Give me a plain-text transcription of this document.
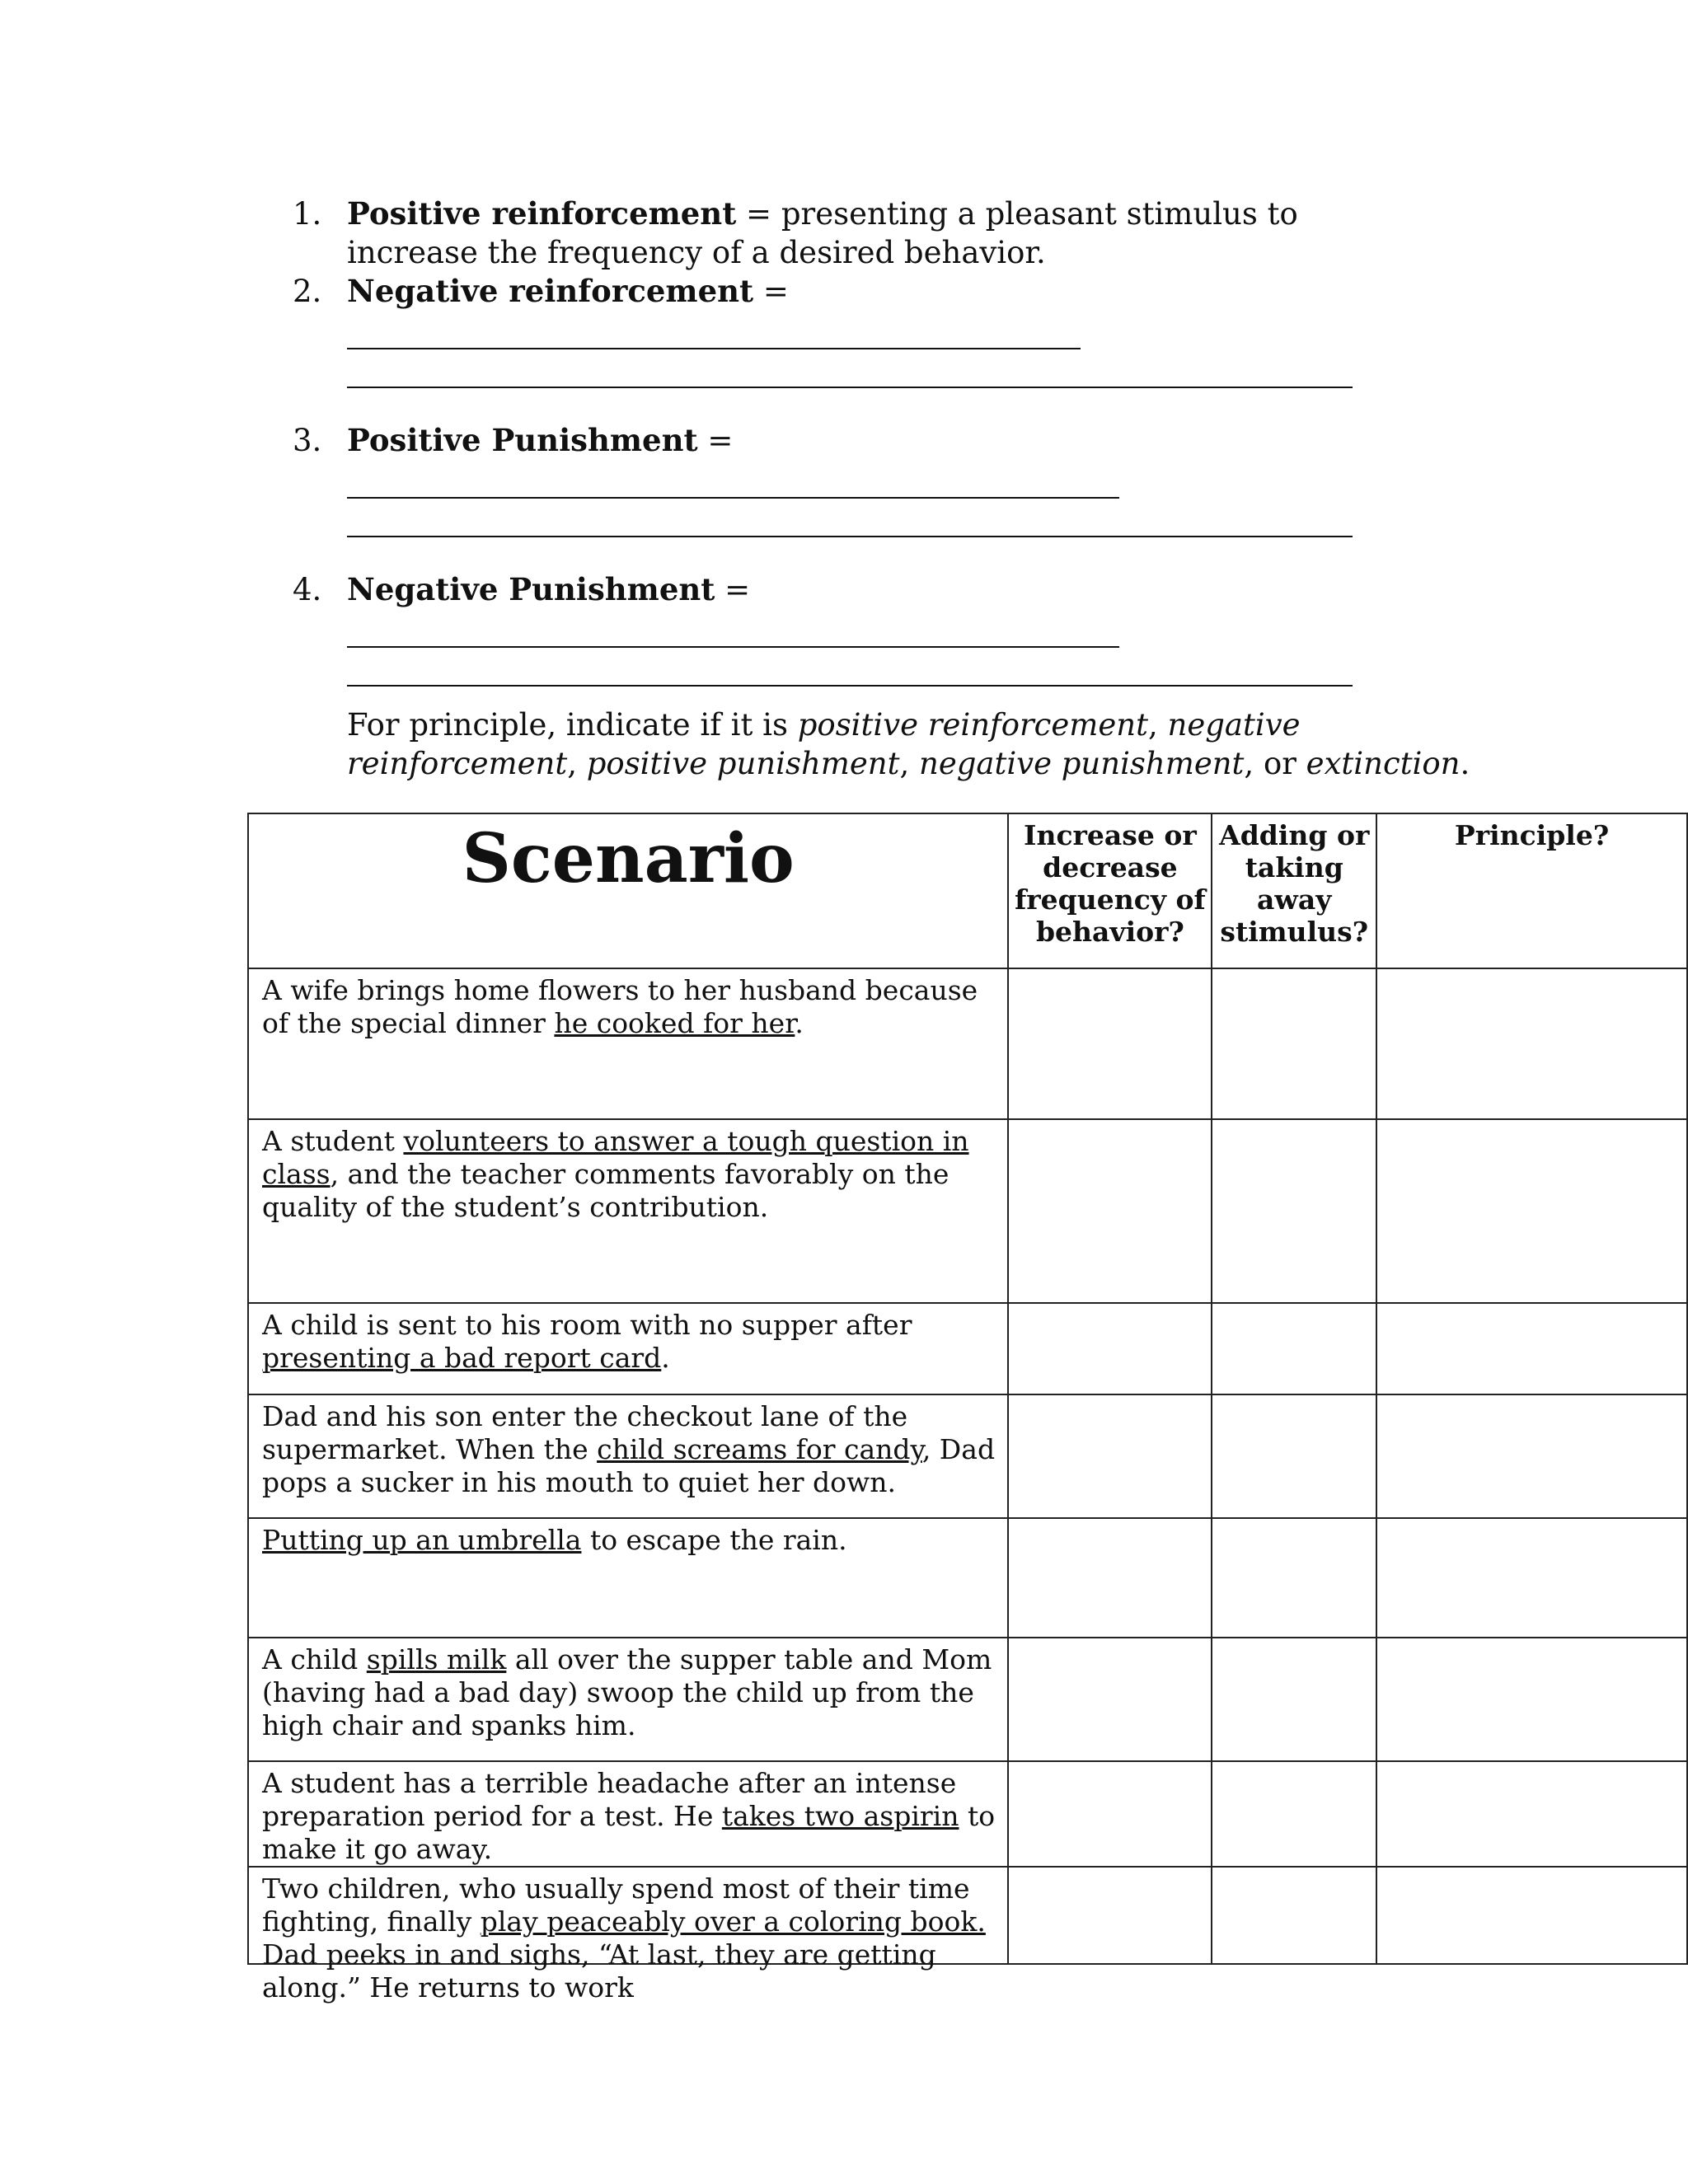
1. Positive reinforcement = presenting a pleasant stimulus to increase the frequency of a desired behavior.
2. Negative reinforcement =
3. Positive Punishment =
4. Negative Punishment =
For principle, indicate if it is positive reinforcement, negative reinforcement, positive punishment, negative punishment, or extinction.
Scenario	Increase or decrease frequency of behavior?	Adding or taking away stimulus?	Principle?
A wife brings home flowers to her husband because of the special dinner he cooked for her.			
A student volunteers to answer a tough question in class, and the teacher comments favorably on the quality of the student’s contribution.			
A child is sent to his room with no supper after presenting a bad report card.			
Dad and his son enter the checkout lane of the supermarket. When the child screams for candy, Dad pops a sucker in his mouth to quiet her down.			
Putting up an umbrella to escape the rain.			
A child spills milk all over the supper table and Mom (having had a bad day) swoop the child up from the high chair and spanks him.			
A student has a terrible headache after an intense preparation period for a test. He takes two aspirin to make it go away.			

Two children, who usually spend most of their time fighting, finally play peaceably over a coloring book. Dad peeks in and sighs, “At last, they are getting along.” He returns to work			
